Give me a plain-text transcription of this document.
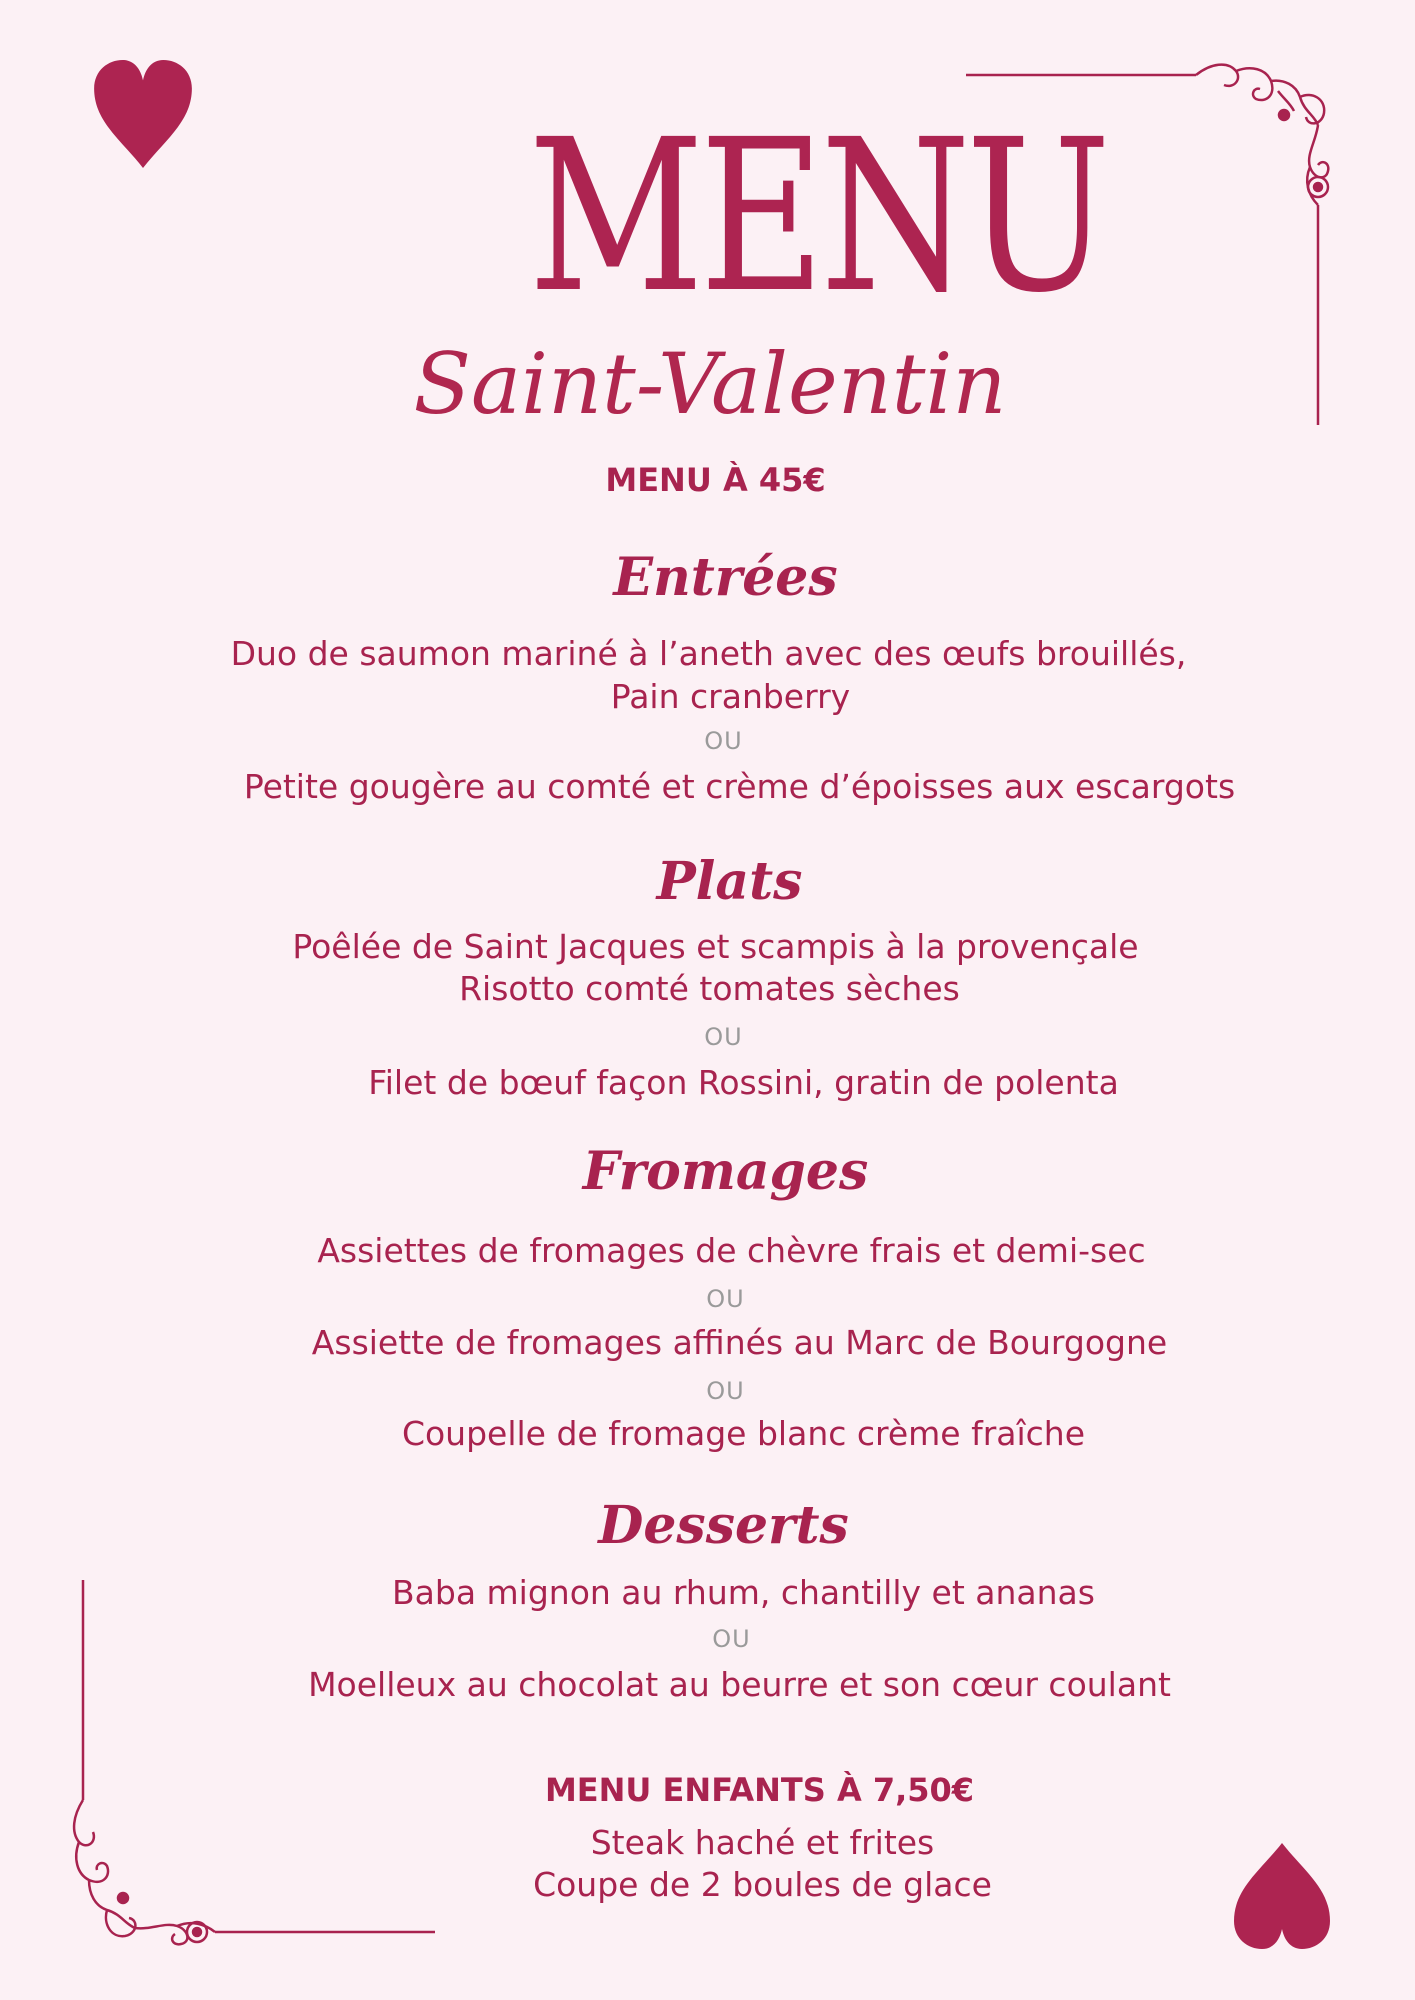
MENU
Saint-Valentin
MENU À 45€
Entrées
Duo de saumon mariné à l’aneth avec des œufs brouillés,
Pain cranberry
OU
Petite gougère au comté et crème d’époisses aux escargots
Plats
Poêlée de Saint Jacques et scampis à la provençale
Risotto comté tomates sèches
OU
Filet de bœuf façon Rossini, gratin de polenta
Fromages
Assiettes de fromages de chèvre frais et demi-sec
OU
Assiette de fromages affinés au Marc de Bourgogne
OU
Coupelle de fromage blanc crème fraîche
Desserts
Baba mignon au rhum, chantilly et ananas
OU
Moelleux au chocolat au beurre et son cœur coulant
MENU ENFANTS À 7,50€
Steak haché et frites
Coupe de 2 boules de glace
